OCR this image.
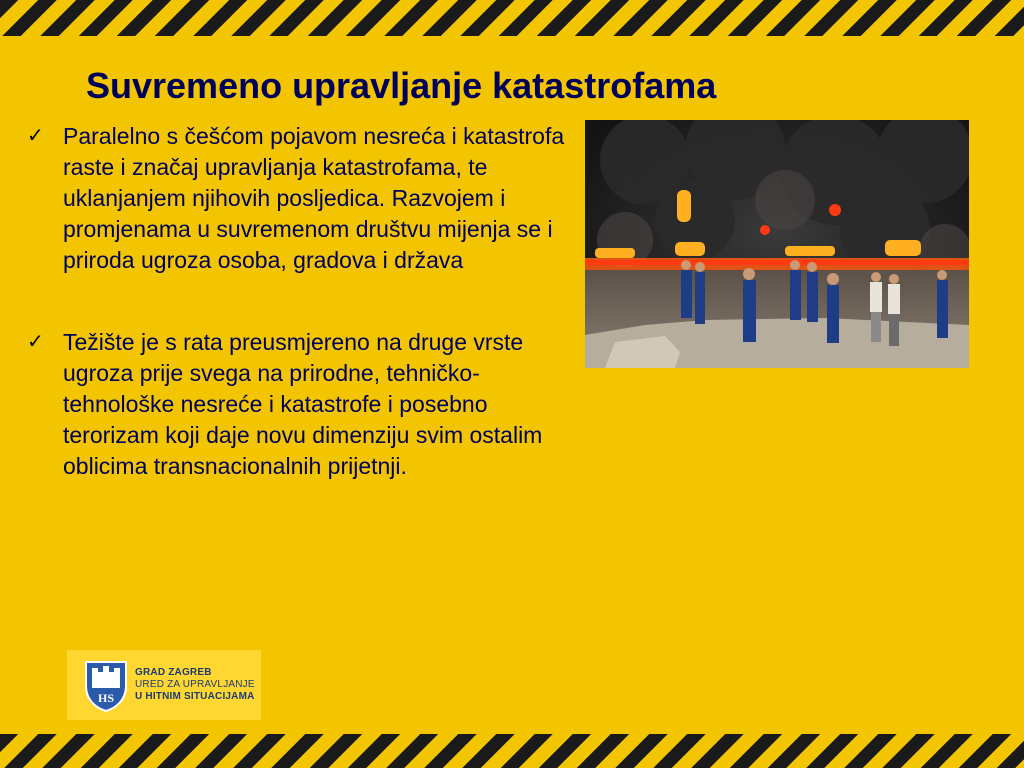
Suvremeno upravljanje katastrofama
✓ Paralelno s češćom pojavom nesreća i katastrofa raste i značaj upravljanja katastrofama, te uklanjanjem njihovih posljedica. Razvojem i promjenama u suvremenom društvu mijenja se i priroda ugroza osoba, gradova i država
✓ Težište je s rata preusmjereno na druge vrste ugroza prije svega na prirodne, tehničko-tehnološke nesreće i katastrofe i posebno terorizam koji daje novu dimenziju svim ostalim oblicima transnacionalnih prijetnji.
HS
GRAD ZAGREB
URED ZA UPRAVLJANJE
U HITNIM SITUACIJAMA
